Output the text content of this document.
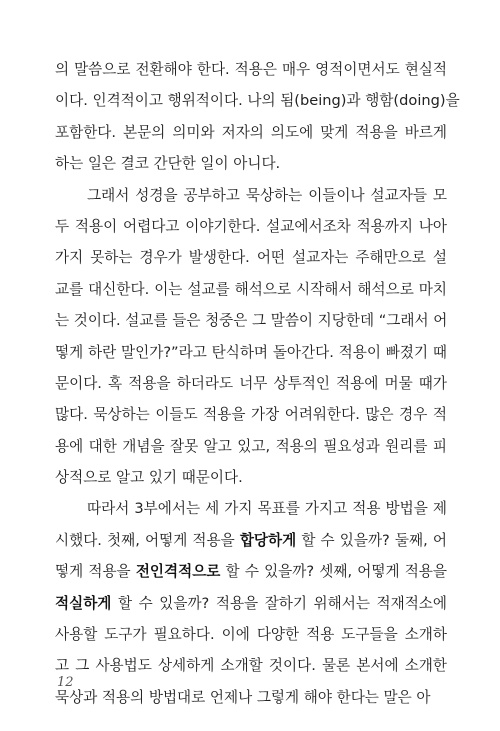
의 말씀으로 전환해야 한다. 적용은 매우 영적이면서도 현실적
이다. 인격적이고 행위적이다. 나의 됨(being)과 행함(doing)을
포함한다. 본문의 의미와 저자의 의도에 맞게 적용을 바르게
하는 일은 결코 간단한 일이 아니다.
그래서 성경을 공부하고 묵상하는 이들이나 설교자들 모
두 적용이 어렵다고 이야기한다. 설교에서조차 적용까지 나아
가지 못하는 경우가 발생한다. 어떤 설교자는 주해만으로 설
교를 대신한다. 이는 설교를 해석으로 시작해서 해석으로 마치
는 것이다. 설교를 들은 청중은 그 말씀이 지당한데 “그래서 어
떻게 하란 말인가?”라고 탄식하며 돌아간다. 적용이 빠졌기 때
문이다. 혹 적용을 하더라도 너무 상투적인 적용에 머물 때가
많다. 묵상하는 이들도 적용을 가장 어려워한다. 많은 경우 적
용에 대한 개념을 잘못 알고 있고, 적용의 필요성과 원리를 피
상적으로 알고 있기 때문이다.
따라서 3부에서는 세 가지 목표를 가지고 적용 방법을 제
시했다. 첫째, 어떻게 적용을 합당하게 할 수 있을까? 둘째, 어
떻게 적용을 전인격적으로 할 수 있을까? 셋째, 어떻게 적용을
적실하게 할 수 있을까? 적용을 잘하기 위해서는 적재적소에
사용할 도구가 필요하다. 이에 다양한 적용 도구들을 소개하
고 그 사용법도 상세하게 소개할 것이다. 물론 본서에 소개한
묵상과 적용의 방법대로 언제나 그렇게 해야 한다는 말은 아
12
